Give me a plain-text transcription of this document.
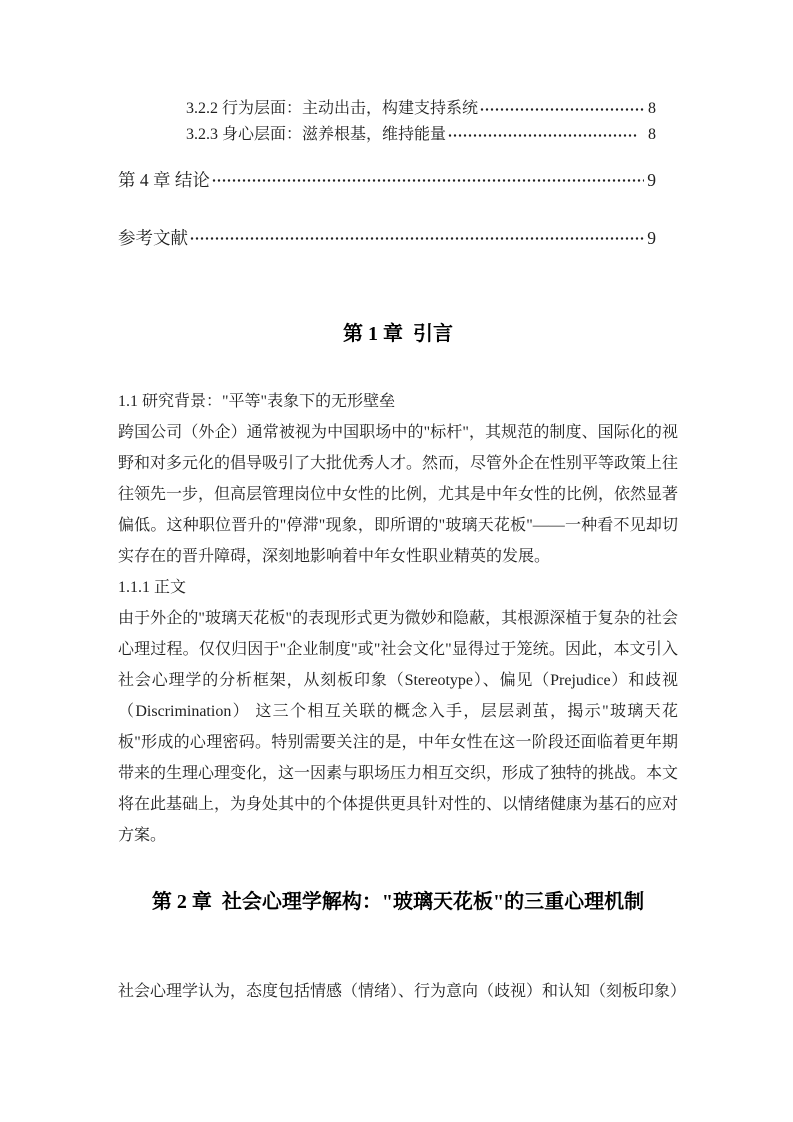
3.2.2 行为层面：主动出击，构建支持系统	8
3.2.3 身心层面：滋养根基，维持能量	8
第 4 章 结论	9
参考文献	9
第 1 章  引言

1.1 研究背景："平等"表象下的无形壁垒

跨国公司（外企）通常被视为中国职场中的"标杆"，其规范的制度、国际化的视野和对多元化的倡导吸引了大批优秀人才。然而，尽管外企在性别平等政策上往往领先一步，但高层管理岗位中女性的比例，尤其是中年女性的比例，依然显著偏低。这种职位晋升的"停滞"现象，即所谓的"玻璃天花板"——一种看不见却切实存在的晋升障碍，深刻地影响着中年女性职业精英的发展。

1.1.1 正文

由于外企的"玻璃天花板"的表现形式更为微妙和隐蔽，其根源深植于复杂的社会心理过程。仅仅归因于"企业制度"或"社会文化"显得过于笼统。因此，本文引入社会心理学的分析框架，从刻板印象（Stereotype）、偏见（Prejudice）和歧视（Discrimination） 这三个相互关联的概念入手，层层剥茧，揭示"玻璃天花板"形成的心理密码。特别需要关注的是，中年女性在这一阶段还面临着更年期带来的生理心理变化，这一因素与职场压力相互交织，形成了独特的挑战。本文将在此基础上，为身处其中的个体提供更具针对性的、以情绪健康为基石的应对方案。

第 2 章  社会心理学解构："玻璃天花板"的三重心理机制

社会心理学认为，态度包括情感（情绪）、行为意向（歧视）和认知（刻板印象）
